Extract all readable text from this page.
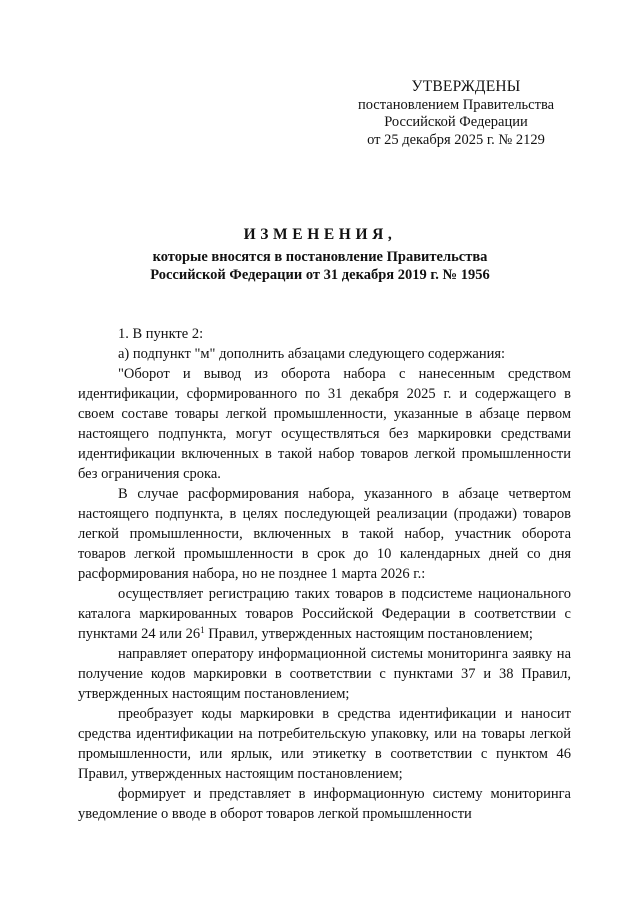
УТВЕРЖДЕНЫ
постановлением Правительства
Российской Федерации
от 25 декабря 2025 г. № 2129
ИЗМЕНЕНИЯ,
которые вносятся в постановление Правительства
Российской Федерации от 31 декабря 2019 г. № 1956

1. В пункте 2:

а) подпункт "м" дополнить абзацами следующего содержания:

"Оборот и вывод из оборота набора с нанесенным средством идентификации, сформированного по 31 декабря 2025 г. и содержащего в своем составе товары легкой промышленности, указанные в абзаце первом настоящего подпункта, могут осуществляться без маркировки средствами идентификации включенных в такой набор товаров легкой промышленности без ограничения срока.

В случае расформирования набора, указанного в абзаце четвертом настоящего подпункта, в целях последующей реализации (продажи) товаров легкой промышленности, включенных в такой набор, участник оборота товаров легкой промышленности в срок до 10 календарных дней со дня расформирования набора, но не позднее 1 марта 2026 г.:

осуществляет регистрацию таких товаров в подсистеме национального каталога маркированных товаров Российской Федерации в соответствии с пунктами 24 или $26^1$ Правил, утвержденных настоящим постановлением;

направляет оператору информационной системы мониторинга заявку на получение кодов маркировки в соответствии с пунктами 37 и 38 Правил, утвержденных настоящим постановлением;

преобразует коды маркировки в средства идентификации и наносит средства идентификации на потребительскую упаковку, или на товары легкой промышленности, или ярлык, или этикетку в соответствии с пунктом 46 Правил, утвержденных настоящим постановлением;

формирует и представляет в информационную систему мониторинга уведомление о вводе в оборот товаров легкой промышленности
